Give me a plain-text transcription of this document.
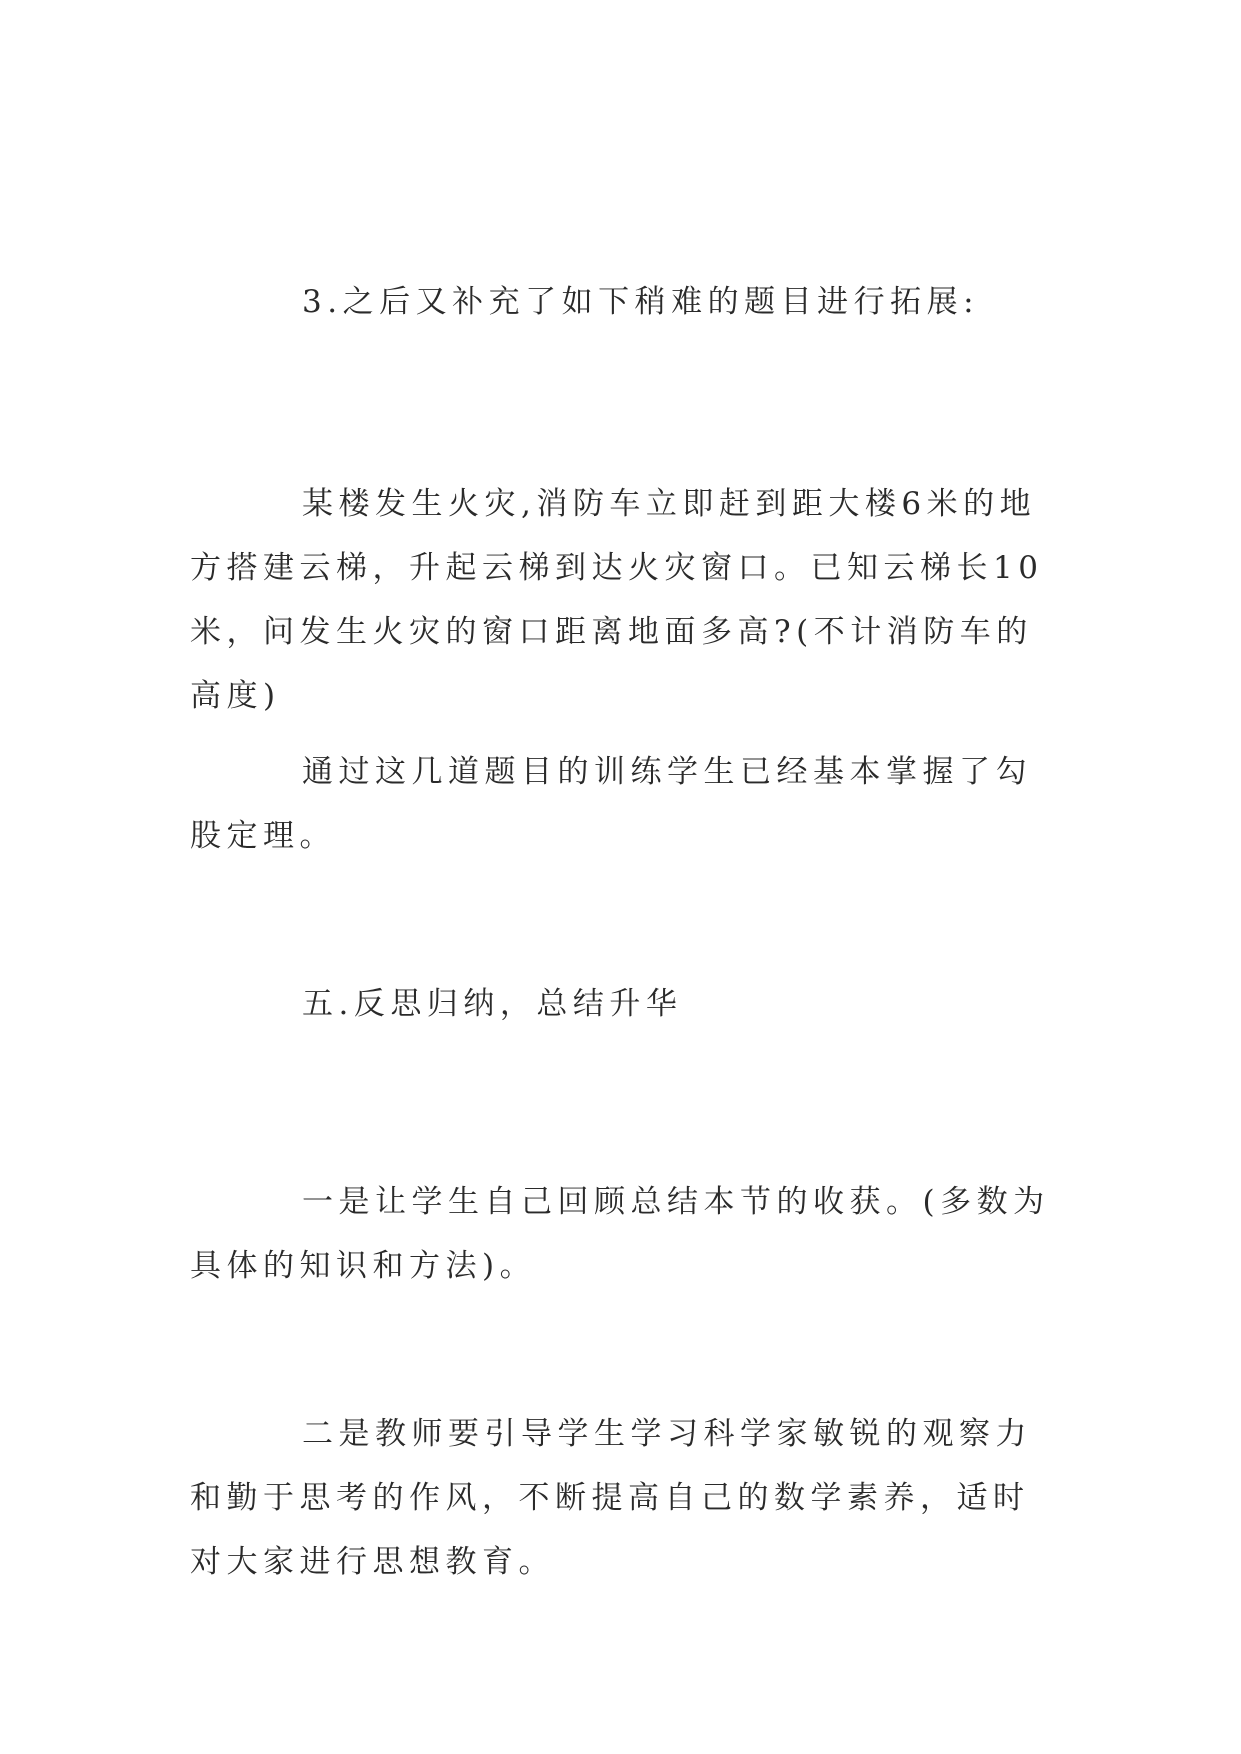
3.之后又补充了如下稍难的题目进行拓展:

某楼发生火灾,消防车立即赶到距大楼6米的地方搭建云梯，升起云梯到达火灾窗口。已知云梯长10米，问发生火灾的窗口距离地面多高?(不计消防车的高度)

通过这几道题目的训练学生已经基本掌握了勾股定理。

五.反思归纳，总结升华

一是让学生自己回顾总结本节的收获。(多数为具体的知识和方法)。

二是教师要引导学生学习科学家敏锐的观察力和勤于思考的作风，不断提高自己的数学素养，适时对大家进行思想教育。
